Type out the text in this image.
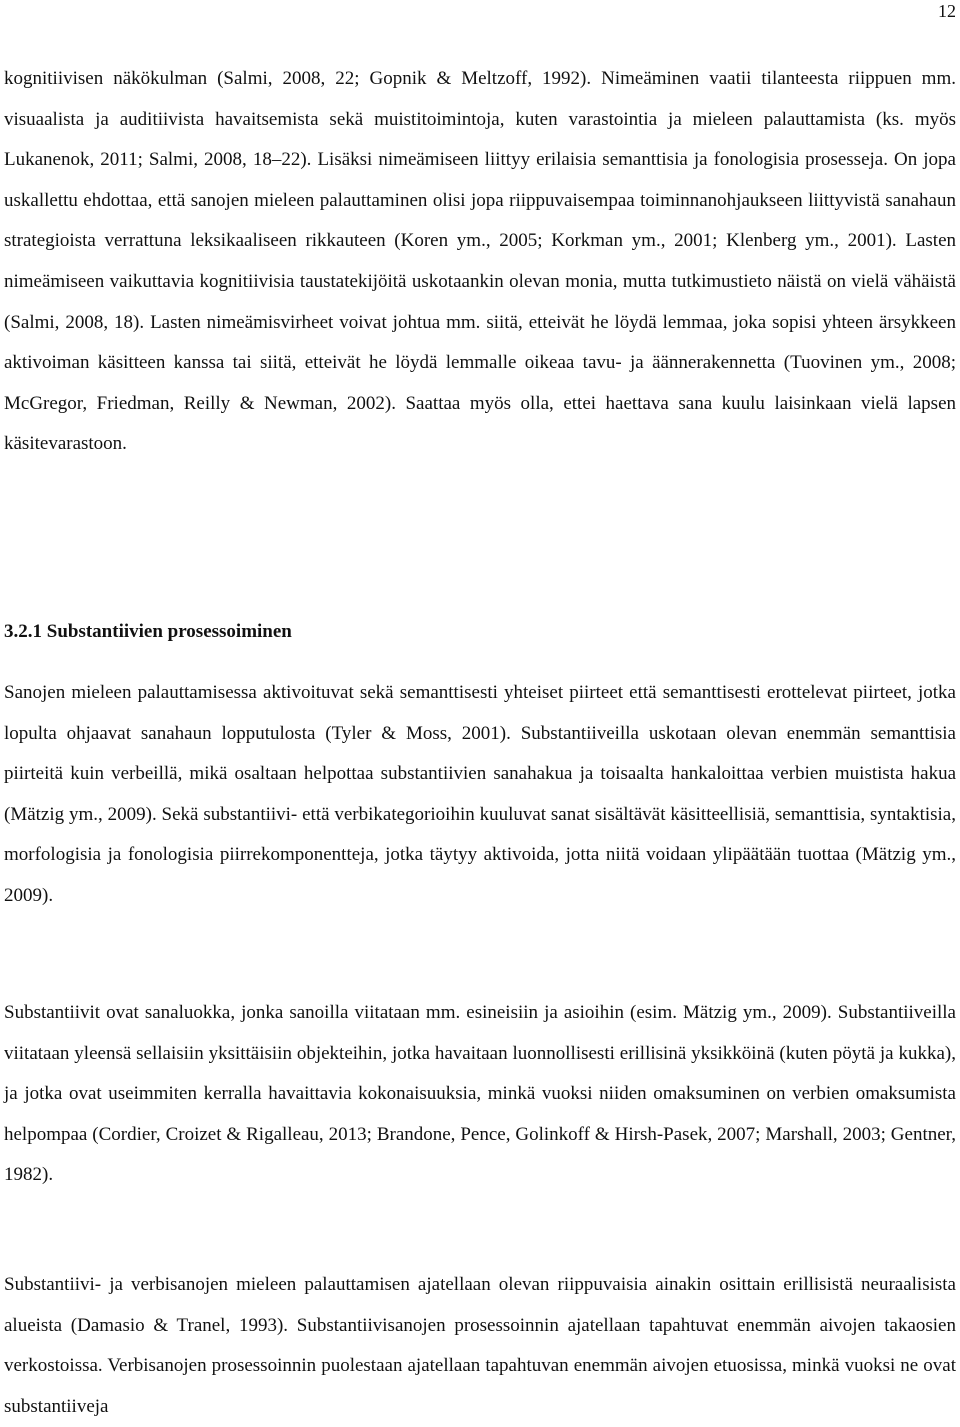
12

kognitiivisen näkökulman (Salmi, 2008, 22; Gopnik & Meltzoff, 1992). Nimeäminen vaatii tilanteesta riippuen mm. visuaalista ja auditiivista havaitsemista sekä muistitoimintoja, kuten varastointia ja mieleen palauttamista (ks. myös Lukanenok, 2011; Salmi, 2008, 18–22). Lisäksi nimeämiseen liittyy erilaisia semanttisia ja fonologisia prosesseja. On jopa uskallettu ehdottaa, että sanojen mieleen palauttaminen olisi jopa riippuvaisempaa toiminnanohjaukseen liittyvistä sanahaun strategioista verrattuna leksikaaliseen rikkauteen (Koren ym., 2005; Korkman ym., 2001; Klenberg ym., 2001). Lasten nimeämiseen vaikuttavia kognitiivisia taustatekijöitä uskotaankin olevan monia, mutta tutkimustieto näistä on vielä vähäistä (Salmi, 2008, 18). Lasten nimeämisvirheet voivat johtua mm. siitä, etteivät he löydä lemmaa, joka sopisi yhteen ärsykkeen aktivoiman käsitteen kanssa tai siitä, etteivät he löydä lemmalle oikeaa tavu- ja äännerakennetta (Tuovinen ym., 2008; McGregor, Friedman, Reilly & Newman, 2002). Saattaa myös olla, ettei haettava sana kuulu laisinkaan vielä lapsen käsitevarastoon.

3.2.1 Substantiivien prosessoiminen

Sanojen mieleen palauttamisessa aktivoituvat sekä semanttisesti yhteiset piirteet että semanttisesti erottelevat piirteet, jotka lopulta ohjaavat sanahaun lopputulosta (Tyler & Moss, 2001). Substantiiveilla uskotaan olevan enemmän semanttisia piirteitä kuin verbeillä, mikä osaltaan helpottaa substantiivien sanahakua ja toisaalta hankaloittaa verbien muistista hakua (Mätzig ym., 2009). Sekä substantiivi- että verbikategorioihin kuuluvat sanat sisältävät käsitteellisiä, semanttisia, syntaktisia, morfologisia ja fonologisia piirrekomponentteja, jotka täytyy aktivoida, jotta niitä voidaan ylipäätään tuottaa (Mätzig ym., 2009).

Substantiivit ovat sanaluokka, jonka sanoilla viitataan mm. esineisiin ja asioihin (esim. Mätzig ym., 2009). Substantiiveilla viitataan yleensä sellaisiin yksittäisiin objekteihin, jotka havaitaan luonnollisesti erillisinä yksikköinä (kuten pöytä ja kukka), ja jotka ovat useimmiten kerralla havaittavia kokonaisuuksia, minkä vuoksi niiden omaksuminen on verbien omaksumista helpompaa (Cordier, Croizet & Rigalleau, 2013; Brandone, Pence, Golinkoff & Hirsh-Pasek, 2007; Marshall, 2003; Gentner, 1982).

Substantiivi- ja verbisanojen mieleen palauttamisen ajatellaan olevan riippuvaisia ainakin osittain erillisistä neuraalisista alueista (Damasio & Tranel, 1993). Substantiivisanojen prosessoinnin ajatellaan tapahtuvat enemmän aivojen takaosien verkostoissa. Verbisanojen prosessoinnin puolestaan ajatellaan tapahtuvan enemmän aivojen etuosissa, minkä vuoksi ne ovat substantiiveja
